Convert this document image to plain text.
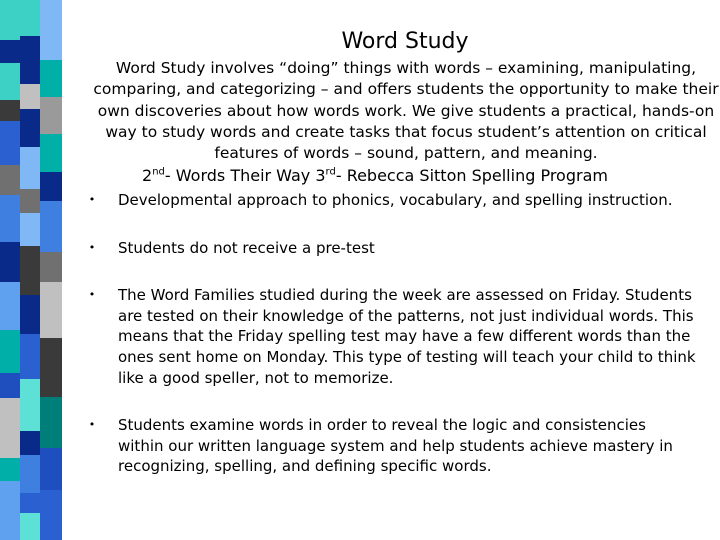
Word Study
Word Study involves “doing” things with words – examining, manipulating, comparing, and categorizing – and offers students the opportunity to make their own discoveries about how words work. We give students a practical, hands-on way to study words and create tasks that focus student’s attention on critical features of words – sound, pattern, and meaning.
2nd- Words Their Way 3rd- Rebecca Sitton Spelling Program
• Developmental approach to phonics, vocabulary, and spelling instruction.
• Students do not receive a pre-test
• The Word Families studied during the week are assessed on Friday. Students are tested on their knowledge of the patterns, not just individual words. This means that the Friday spelling test may have a few different words than the ones sent home on Monday. This type of testing will teach your child to think like a good speller, not to memorize.
• Students examine words in order to reveal the logic and consistencies within our written language system and help students achieve mastery in recognizing, spelling, and defining specific words.
